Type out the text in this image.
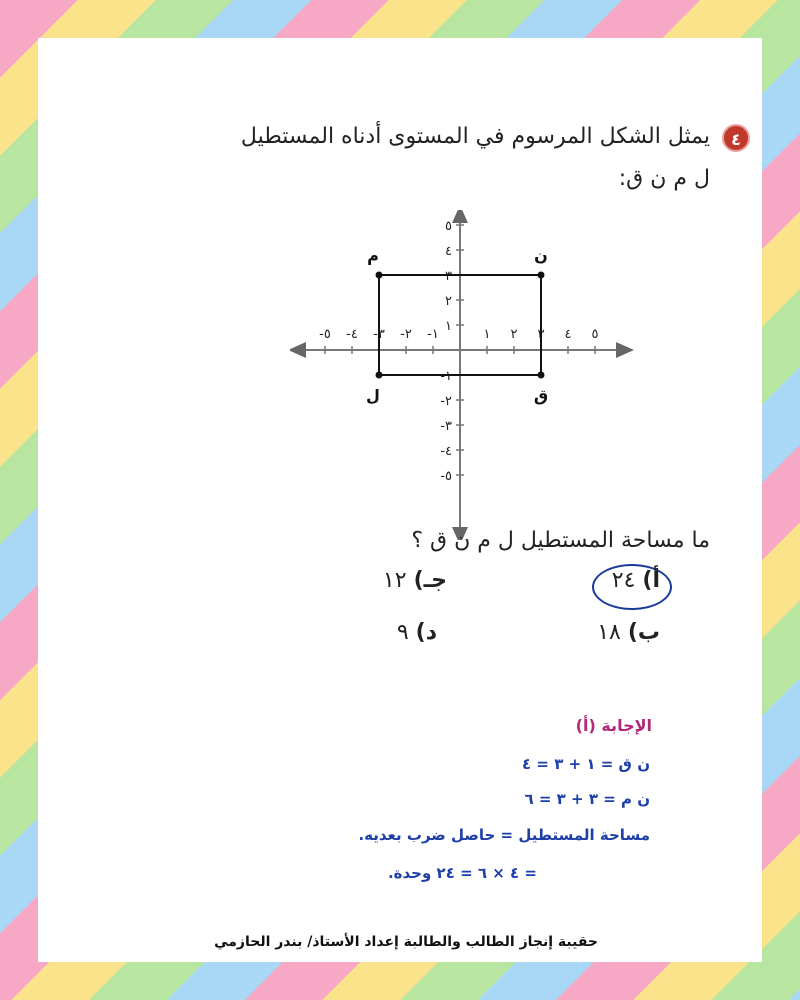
٤
يمثل الشكل المرسوم في المستوى أدناه المستطيل
ل م ن ق:
١
-١
١
-١
٢
-٢
٢
-٢
٣
-٣
٣
-٣
٤
-٤
٤
-٤
٥
-٥
٥
-٥
ل
م	ن
ق
ما مساحة المستطيل ل م ن ق ؟
أ) ٢٤
جـ) ١٢
ب) ١٨
د) ٩
الإجابة (أ)
ن ق = ١ + ٣ = ٤
ن م = ٣ + ٣ = ٦
مساحة المستطيل = حاصل ضرب بعديه.
= ٤ × ٦ = ٢٤ وحدة.
حقيبة إنجاز الطالب والطالبة إعداد الأستاذ/ بندر الحازمي
